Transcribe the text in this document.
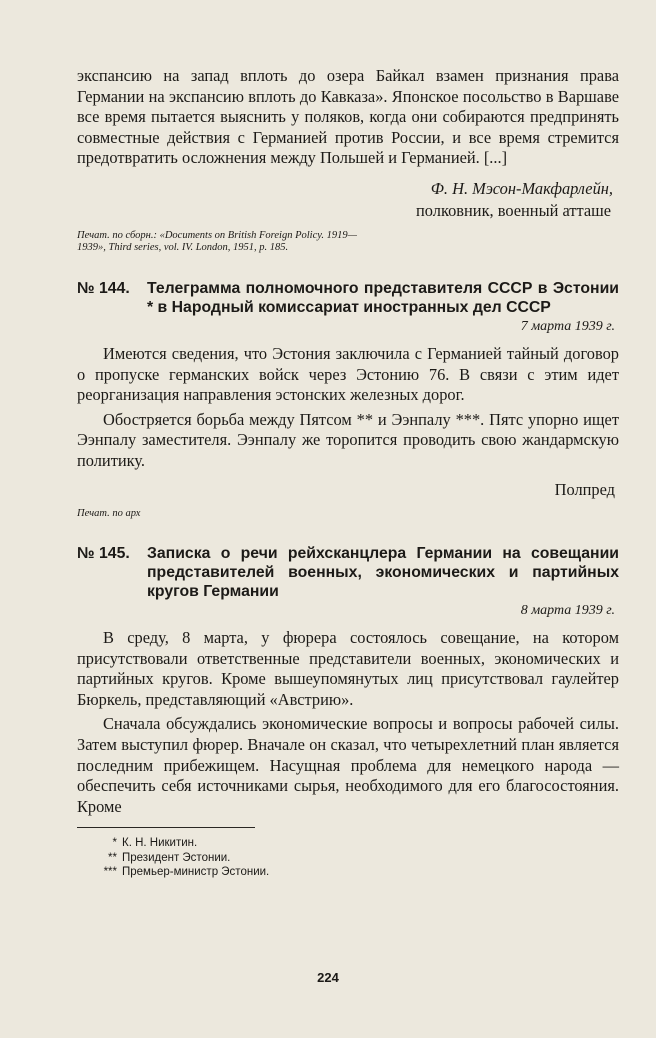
экспансию на запад вплоть до озера Байкал взамен признания права Германии на экспансию вплоть до Кавказа». Японское посольство в Варшаве все время пытается выяснить у поляков, когда они собираются предпринять совместные действия с Германией против России, и все время стремится предотвратить осложнения между Польшей и Германией. [...]

Ф. Н. Мэсон-Макфарлейн,

полковник, военный атташе

Печат. по сборн.: «Documents on British Foreign Policy. 1919—1939», Third series, vol. IV. London, 1951, p. 185.

№ 144.	Телеграмма полномочного представителя СССР в Эстонии * в Народный комиссариат иностранных дел СССР

7 марта 1939 г.

Имеются сведения, что Эстония заключила с Германией тайный договор о пропуске германских войск через Эстонию 76. В связи с этим идет реорганизация направления эстонских железных дорог.

Обостряется борьба между Пятсом ** и Ээнпалу ***. Пятс упорно ищет Ээнпалу заместителя. Ээнпалу же торопится проводить свою жандармскую политику.

Полпред

Печат. по арх

№ 145.	Записка о речи рейхсканцлера Германии на совещании представителей военных, экономических и партийных кругов Германии

8 марта 1939 г.

В среду, 8 марта, у фюрера состоялось совещание, на котором присутствовали ответственные представители военных, экономических и партийных кругов. Кроме вышеупомянутых лиц присутствовал гаулейтер Бюркель, представляющий «Австрию».

Сначала обсуждались экономические вопросы и вопросы рабочей силы. Затем выступил фюрер. Вначале он сказал, что четырехлетний план является последним прибежищем. Насущная проблема для немецкого народа — обеспечить себя источниками сырья, необходимого для его благосостояния. Кроме

* К. Н. Никитин.
** Президент Эстонии.
*** Премьер-министр Эстонии.
224
